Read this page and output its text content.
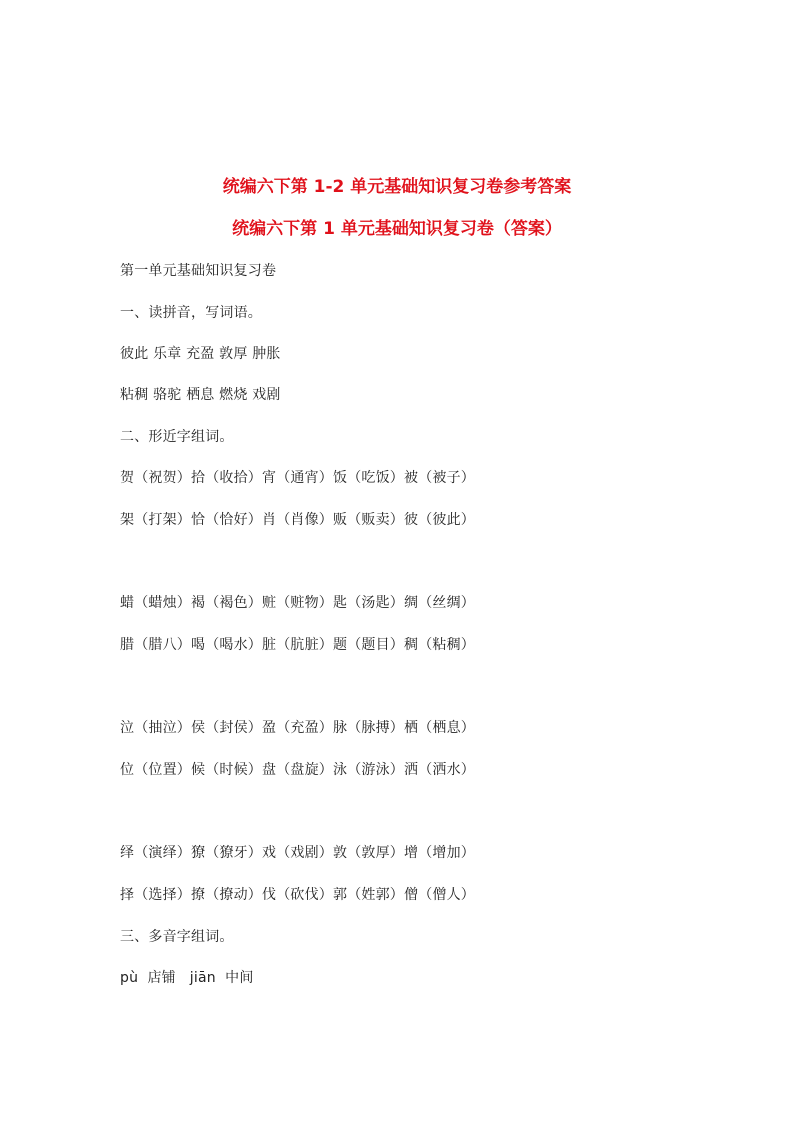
统编六下第 1-2 单元基础知识复习卷参考答案
统编六下第 1 单元基础知识复习卷（答案）
第一单元基础知识复习卷
一、读拼音，写词语。
彼此 乐章 充盈 敦厚 肿胀
粘稠 骆驼 栖息 燃烧 戏剧
二、形近字组词。
贺（祝贺）拾（收拾）宵（通宵）饭（吃饭）被（被子）
架（打架）恰（恰好）肖（肖像）贩（贩卖）彼（彼此）
蜡（蜡烛）褐（褐色）赃（赃物）匙（汤匙）绸（丝绸）
腊（腊八）喝（喝水）脏（肮脏）题（题目）稠（粘稠）
泣（抽泣）侯（封侯）盈（充盈）脉（脉搏）栖（栖息）
位（位置）候（时候）盘（盘旋）泳（游泳）洒（洒水）
绎（演绎）獠（獠牙）戏（戏剧）敦（敦厚）增（增加）
择（选择）撩（撩动）伐（砍伐）郭（姓郭）僧（僧人）
三、多音字组词。
pù  店铺   jiān  中间
